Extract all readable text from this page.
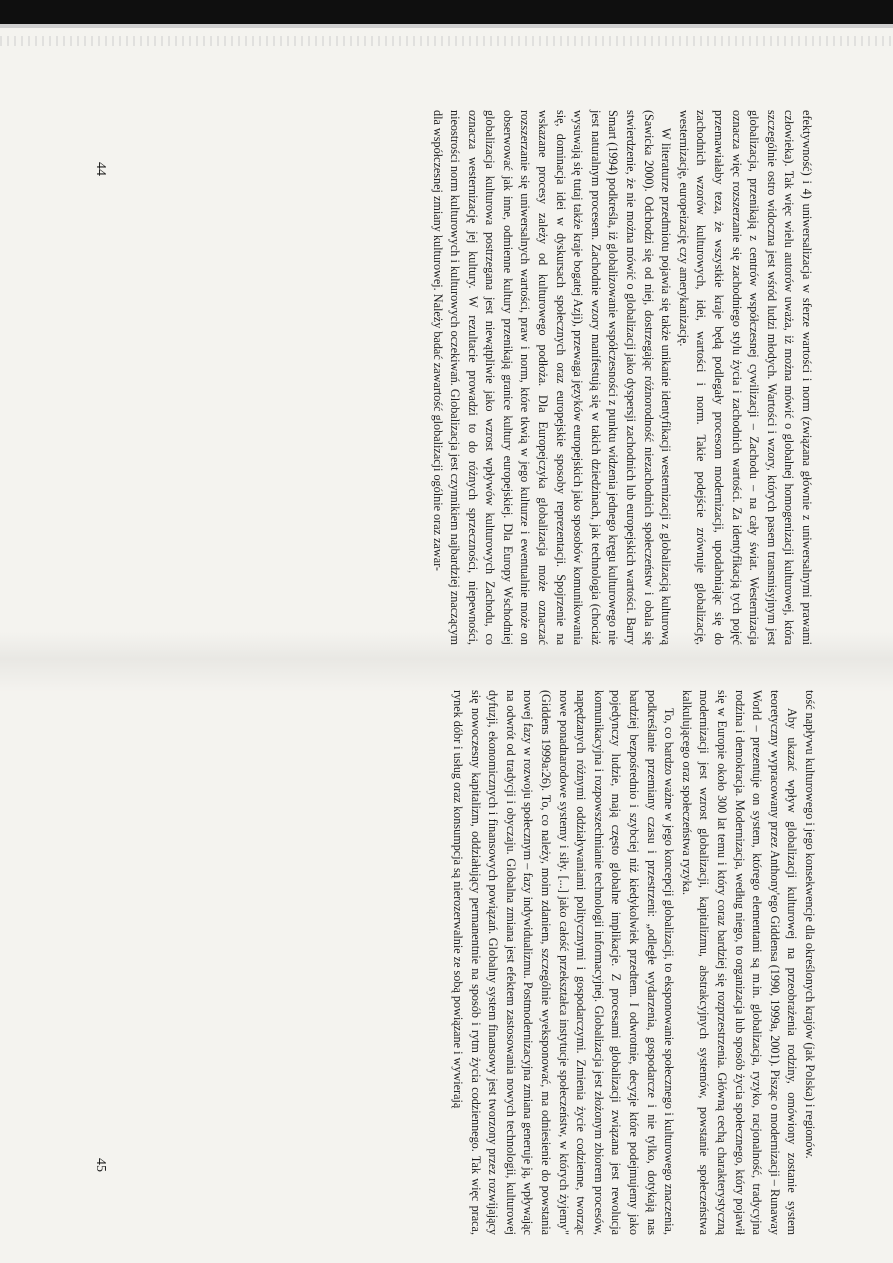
efektywność) i 4) uniwersalizacja w sferze wartości i norm (związana głównie z uniwersalnymi prawami człowieka). Tak więc wielu autorów uważa, iż można mówić o globalnej homogenizacji kulturowej, która szczególnie ostro widoczna jest wśród ludzi młodych. Wartości i wzory, których pasem transmisyjnym jest globalizacja, przenikają z centrów współczesnej cywilizacji – Zachodu – na cały świat. Westernizacja oznacza więc rozszerzanie się zachodniego stylu życia i zachodnich wartości. Za identyfikacją tych pojęć przemawiałaby teza, że wszystkie kraje będą podlegały procesom modernizacji, upodabniając się do zachodnich wzorów kulturowych, idei, wartości i norm. Takie podejście zrównuje globalizację, westernizację, europeizację czy amerykanizację.

W literaturze przedmiotu pojawia się także unikanie identyfikacji westernizacji z globalizacją kulturową (Sawicka 2000). Odchodzi się od niej, dostrzegając różnorodność niezachodnich społeczeństw i obala się stwierdzenie, że nie można mówić o globalizacji jako dyspersji zachodnich lub europejskich wartości. Barry Smart (1994) podkreśla, iż globalizowanie współczesności z punktu widzenia jednego kręgu kulturowego nie jest naturalnym procesem. Zachodnie wzory manifestują się w takich dziedzinach, jak technologia (chociaż wysuwają się tutaj także kraje bogatej Azji), przewaga języków europejskich jako sposobów komunikowania się, dominacja idei w dyskursach społecznych oraz europejskie sposoby reprezentacji. Spojrzenie na wskazane procesy zależy od kulturowego podłoża. Dla Europejczyka globalizacja może oznaczać rozszerzanie się uniwersalnych wartości, praw i norm, które tkwią w jego kulturze i ewentualnie może on obserwować jak inne, odmienne kultury przenikają granice kultury europejskiej. Dla Europy Wschodniej globalizacja kulturowa postrzegana jest niewątpliwie jako wzrost wpływów kulturowych Zachodu, co oznacza westernizację jej kultury. W rezultacie prowadzi to do różnych sprzeczności, niepewności, nieostrości norm kulturowych i kulturowych oczekiwań. Globalizacja jest czynnikiem najbardziej znaczącym dla współczesnej zmiany kulturowej. Należy badać zawartość globalizacji ogólnie oraz zawar-

tość napływu kulturowego i jego konsekwencje dla określonych krajów (jak Polska) i regionów.

Aby ukazać wpływ globalizacji kulturowej na przeobrażenia rodziny, omówiony zostanie system teoretyczny wypracowany przez Anthony'ego Giddensa (1990, 1999a, 2001). Pisząc o modernizacji – Runaway World – prezentuje on system, którego elementami są m.in. globalizacja, ryzyko, racjonalność, tradycyjna rodzina i demokracja. Modernizacja, według niego, to organizacja lub sposób życia społecznego, który pojawił się w Europie około 300 lat temu i który coraz bardziej się rozprzestrzenia. Główną cechą charakterystyczną modernizacji jest wzrost globalizacji, kapitalizmu, abstrakcyjnych systemów, powstanie społeczeństwa kalkulującego oraz społeczeństwa ryzyka.

To, co bardzo ważne w jego koncepcji globalizacji, to eksponowanie społecznego i kulturowego znaczenia, podkreślanie przemiany czasu i przestrzeni: „odległe wydarzenia, gospodarcze i nie tylko, dotykają nas bardziej bezpośrednio i szybciej niż kiedykolwiek przedtem. I odwrotnie, decyzje które podejmujemy jako pojedynczy ludzie, mają często globalne implikacje. Z procesami globalizacji związana jest rewolucja komunikacyjna i rozpowszechnianie technologii informacyjnej. Globalizacja jest złożonym zbiorem procesów, napędzanych różnymi oddziaływaniami politycznymi i gospodarczymi. Zmienia życie codzienne, tworząc nowe ponadnarodowe systemy i siły. [...] jako całość przekształca instytucje społeczeństw, w których żyjemy" (Giddens 1999a:26). To, co należy, moim zdaniem, szczególnie wyeksponować, ma odniesienie do powstania nowej fazy w rozwoju społecznym – fazy indywidualizmu. Postmodernizacyjna zmiana generuje ją, wpływając na odwrót od tradycji i obyczaju. Globalna zmiana jest efektem zastosowania nowych technologii, kulturowej dyfuzji, ekonomicznych i finansowych powiązań. Globalny system finansowy jest tworzony przez rozwijający się nowoczesny kapitalizm, oddziałujący permanentnie na sposób i rytm życia codziennego. Tak więc praca, rynek dóbr i usług oraz konsumpcja są nierozerwalnie ze sobą powiązane i wywierają

44
45
